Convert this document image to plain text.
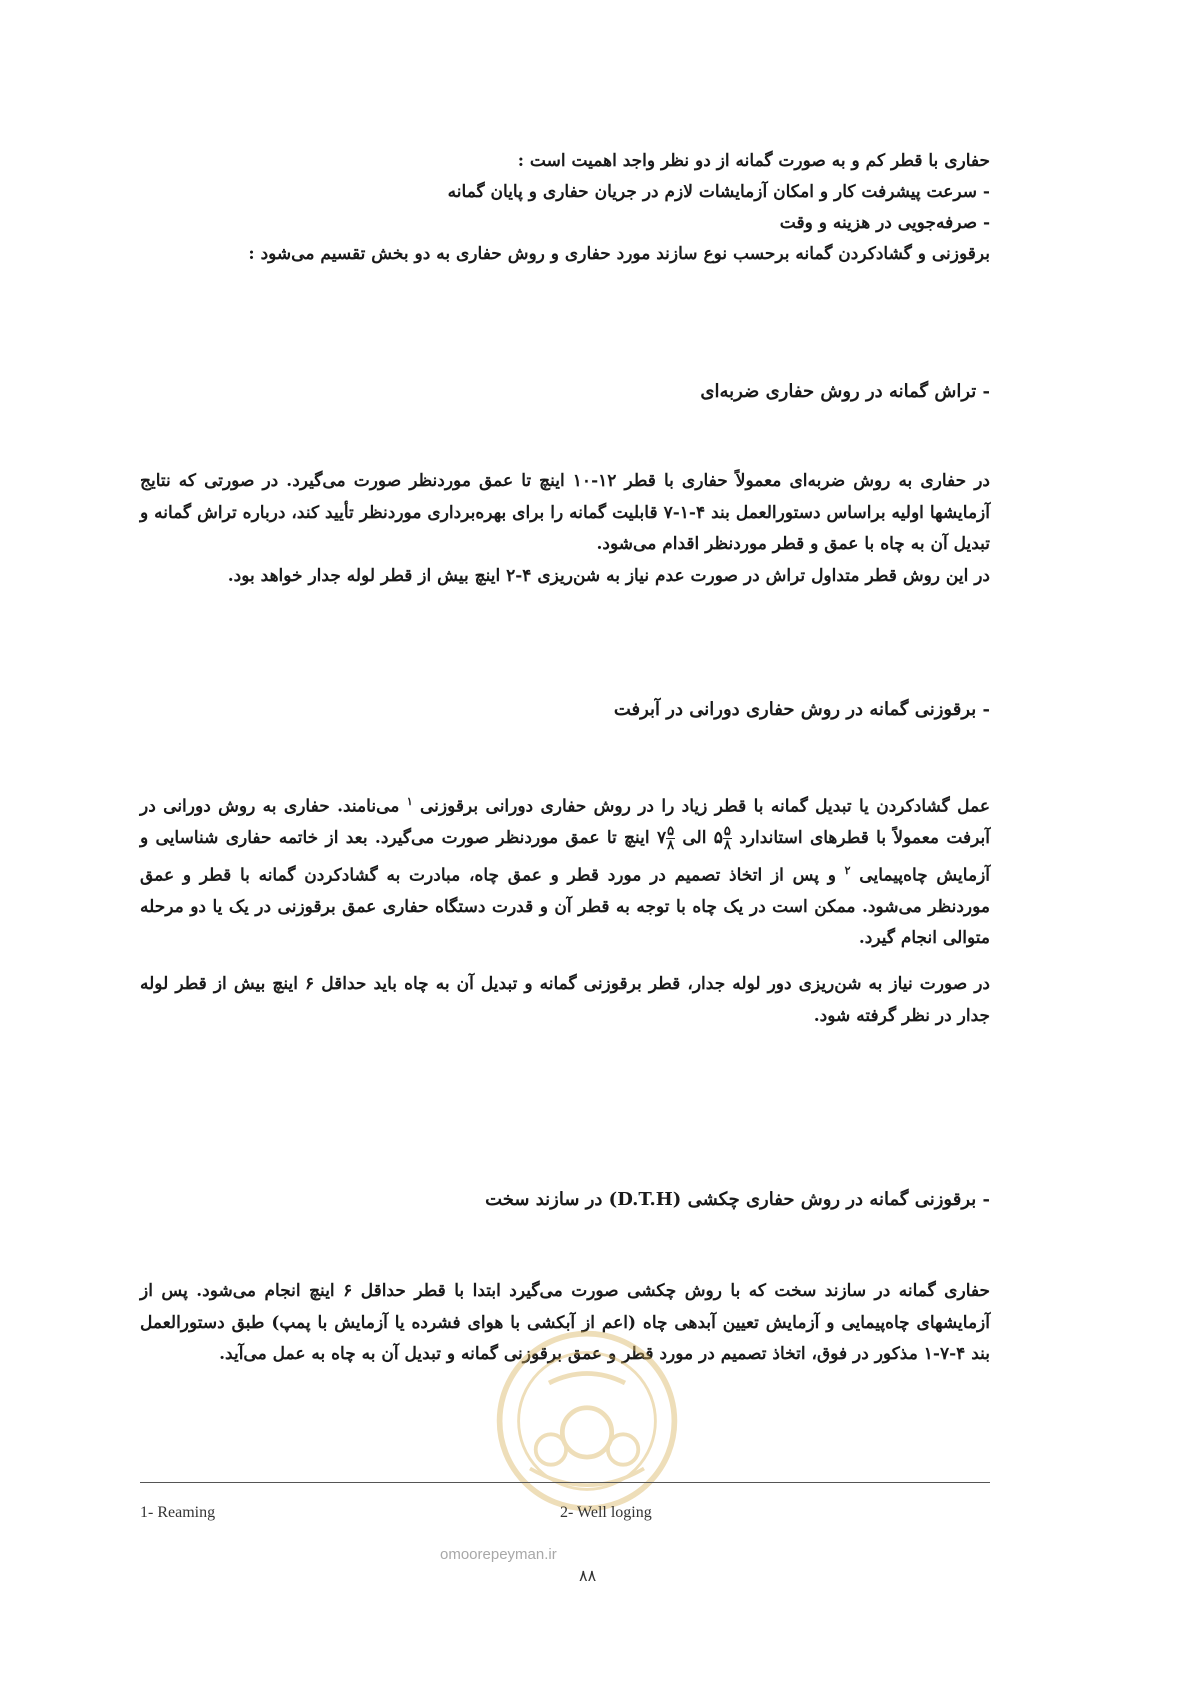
حفاری با قطر کم و به صورت گمانه از دو نظر واجد اهمیت است :

- سرعت پیشرفت کار و امکان آزمایشات لازم در جریان حفاری و پایان گمانه

- صرفه‌جویی در هزینه و وقت

برقوزنی و گشادکردن گمانه برحسب نوع سازند مورد حفاری و روش حفاری به دو بخش تقسیم می‌شود :

- تراش گمانه در روش حفاری ضربه‌ای

در حفاری به روش ضربه‌ای معمولاً حفاری با قطر ۱۲-۱۰ اینچ تا عمق موردنظر صورت می‌گیرد. در صورتی که نتایج آزمایشها اولیه براساس دستورالعمل بند ۴-۱-۷ قابلیت گمانه را برای بهره‌برداری موردنظر تأیید کند، درباره تراش گمانه و تبدیل آن به چاه با عمق و قطر موردنظر اقدام می‌شود.

در این روش قطر متداول تراش در صورت عدم نیاز به شن‌ریزی ۴-۲ اینچ بیش از قطر لوله جدار خواهد بود.

- برقوزنی گمانه در روش حفاری دورانی در آبرفت

عمل گشادکردن یا تبدیل گمانه با قطر زیاد را در روش حفاری دورانی برقوزنی $^۱$ می‌نامند. حفاری به روش دورانی در آبرفت معمولاً با قطرهای استاندارد
$\frac{۵}{۸}$
۵ الی
$\frac{۵}{۸}$
۷ اینچ تا عمق موردنظر صورت می‌گیرد. بعد از خاتمه حفاری شناسایی و آزمایش چاه‌پیمایی $^۲$ و پس از اتخاذ تصمیم در مورد قطر و عمق چاه، مبادرت به گشادکردن گمانه با قطر و عمق موردنظر می‌شود. ممکن است در یک چاه با توجه به قطر آن و قدرت دستگاه حفاری عمق برقوزنی در یک یا دو مرحله متوالی انجام گیرد.

در صورت نیاز به شن‌ریزی دور لوله جدار، قطر برقوزنی گمانه و تبدیل آن به چاه باید حداقل ۶ اینچ بیش از قطر لوله جدار در نظر گرفته شود.

- برقوزنی گمانه در روش حفاری چکشی (D.T.H) در سازند سخت

حفاری گمانه در سازند سخت که با روش چکشی صورت می‌گیرد ابتدا با قطر حداقل ۶ اینچ انجام می‌شود. پس از آزمایشهای چاه‌پیمایی و آزمایش تعیین آبدهی چاه (اعم از آبکشی با هوای فشرده یا آزمایش با پمپ) طبق دستورالعمل بند ۴-۷-۱ مذکور در فوق، اتخاذ تصمیم در مورد قطر و عمق برقوزنی گمانه و تبدیل آن به چاه به عمل می‌آید.

1- Reaming	2- Well loging
omoorepeyman.ir
۸۸
